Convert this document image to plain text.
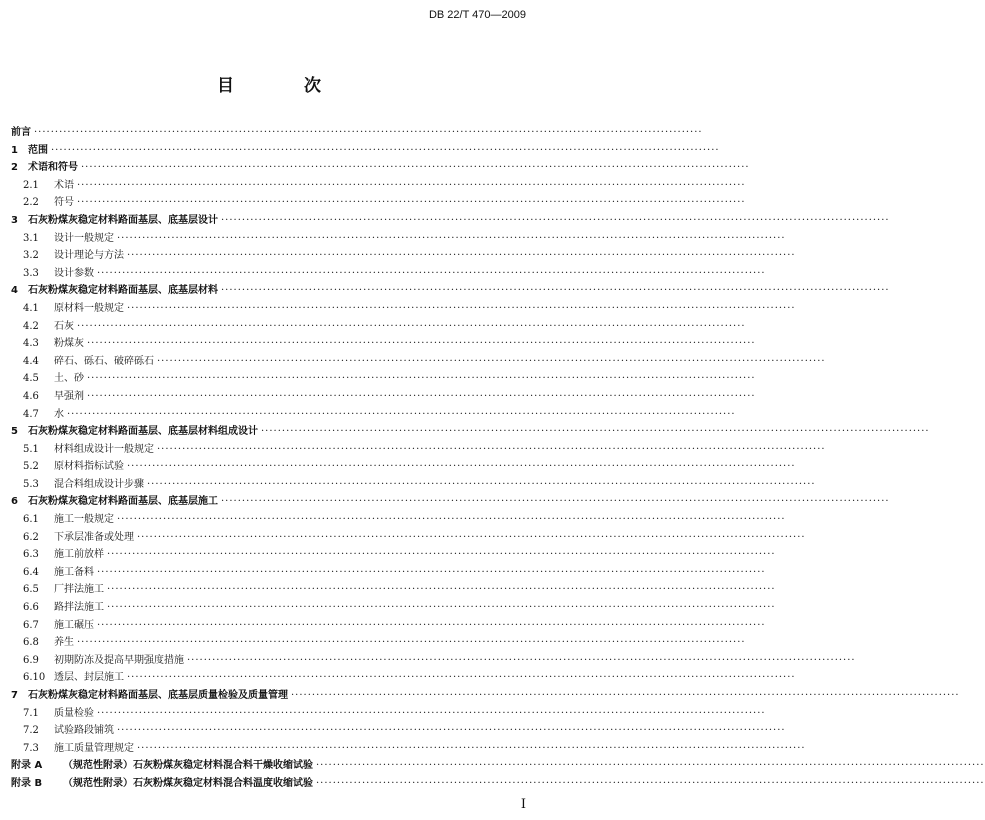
DB 22/T 470—2009
目 次
前言 ································································································································································
1 范围 ································································································································································
2 术语和符号 ································································································································································
2.1 术语 ································································································································································
2.2 符号 ································································································································································
3 石灰粉煤灰稳定材料路面基层、底基层设计 ································································································································································
3.1 设计一般规定 ································································································································································
3.2 设计理论与方法 ································································································································································
3.3 设计参数 ································································································································································
4 石灰粉煤灰稳定材料路面基层、底基层材料 ································································································································································
4.1 原材料一般规定 ································································································································································
4.2 石灰 ································································································································································
4.3 粉煤灰 ································································································································································
4.4 碎石、砾石、破碎砾石 ································································································································································
4.5 土、砂 ································································································································································
4.6 早强剂 ································································································································································
4.7 水 ································································································································································
5 石灰粉煤灰稳定材料路面基层、底基层材料组成设计 ································································································································································
5.1 材料组成设计一般规定 ································································································································································
5.2 原材料指标试验 ································································································································································
5.3 混合料组成设计步骤 ································································································································································
6 石灰粉煤灰稳定材料路面基层、底基层施工 ································································································································································
6.1 施工一般规定 ································································································································································
6.2 下承层准备或处理 ································································································································································
6.3 施工前放样 ································································································································································
6.4 施工备料 ································································································································································
6.5 厂拌法施工 ································································································································································
6.6 路拌法施工 ································································································································································
6.7 施工碾压 ································································································································································
6.8 养生 ································································································································································
6.9 初期防冻及提高早期强度措施 ································································································································································
6.10 透层、封层施工 ································································································································································
7 石灰粉煤灰稳定材料路面基层、底基层质量检验及质量管理 ································································································································································
7.1 质量检验 ································································································································································
7.2 试验路段铺筑 ································································································································································
7.3 施工质量管理规定 ································································································································································
附录 A （规范性附录）石灰粉煤灰稳定材料混合料干燥收缩试验 ································································································································································
附录 B （规范性附录）石灰粉煤灰稳定材料混合料温度收缩试验 ································································································································································
I
